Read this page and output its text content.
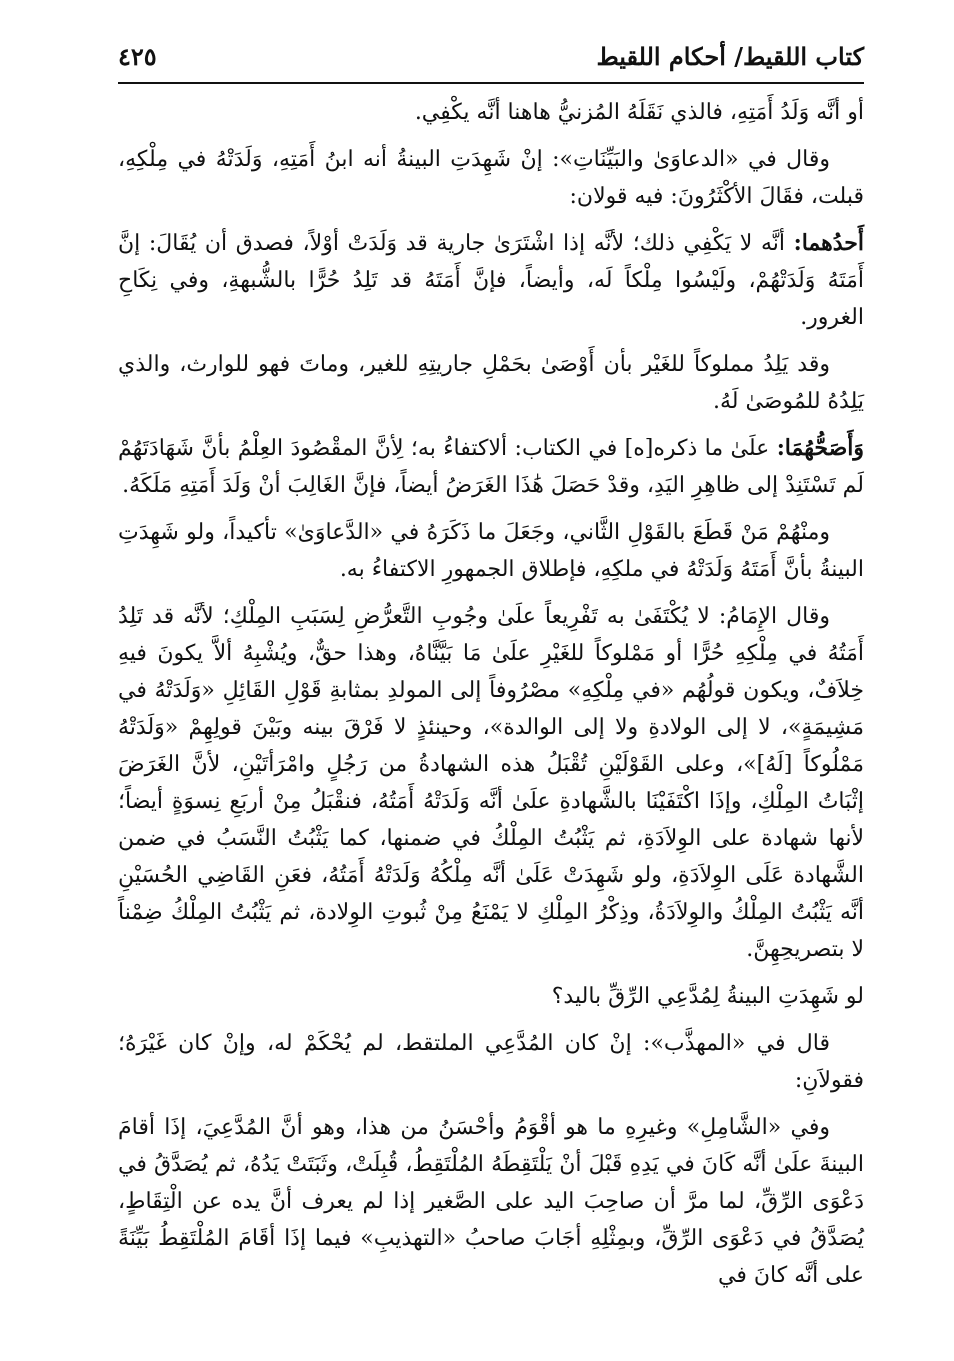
كتاب اللقيط/ أحكام اللقيط
٤٢٥

أو أنَّه وَلَدُ أَمَتِهِ، فالذي نَقَلَهُ المُزنيُّ هاهنا أنَّه يكْفِي.

وقال في «الدعاوَىٰ والبَيِّنَاتِ»: إنْ شَهِدَتِ البينةُ أنه ابنُ أَمَتِهِ، وَلَدَتْهُ في مِلْكِهِ، قبلت، فقَالَ الأكْثَرُونَ: فيه قولان:

أَحدُهما: أنَّه لا يَكْفِي ذلك؛ لأنَّه إذا اشْتَرَىٰ جارية قد وَلَدَتْ أوْلاً، فصدق أن يُقَالَ: إنَّ أَمَتَهُ وَلَدَتْهُمْ، ولَيْسُوا مِلْكاً لَه، وأيضاً، فإنَّ أَمَتَهُ قد تَلِدُ حُرًّا بالشُّبهةِ، وفي نِكَاحِ الغرور.

وقد يَلِدُ مملوكاً للغَيْر بأن أَوْصَىٰ بحَمْلِ جاريتِهِ للغير، وماتَ فهو للوارث، والذي يَلِدُهُ للمُوصَىٰ لَهُ.

وَأَصَحُّهُمَا: علَىٰ ما ذكره[ه] في الكتاب: ألاكتفاءُ به؛ لِأنَّ المقْصُودَ العِلْمُ بأنَّ شَهَادَتَهُمْ لَم تَسْتَنِدْ إلى ظاهِرِ اليَدِ، وقدْ حَصَلَ هَٰذَا الغَرَضُ أيضاً، فإنَّ الغَالِبَ أنْ وَلَدَ أَمَتِهِ مَلَكَهُ.

ومنْهُمْ مَنْ قَطَعَ بالقَوْلِ الثَّاني، وجَعَلَ ما ذَكَرَهُ في «الدَّعاوَىٰ» تأكيداً، ولو شَهِدَتِ البينةُ بأنَّ أَمَتَهُ وَلَدَتْهُ في ملكِهِ، فإطلاق الجمهورِ الاكتفاءُ به.

وقال الإِمَامُ: لا يُكْتَفَىٰ به تَفْرِيعاً علَىٰ وجُوبِ التَّعرُّضِ لِسَبَبِ المِلْكِ؛ لأنَّه قد تَلِدُ أَمَتُهُ في مِلْكِهِ حُرًّا أو مَمْلوكاً للغَيْرِ علَىٰ مَا بَيَّنَّاهُ، وهذا حقٌّ، ويُشْبِهُ ألاَّ يكونَ فيهِ خِلاَفٌ، ويكون قولُهُم «في مِلْكِهِ» مصْرُوفاً إلى المولدِ بمثابةِ قَوْلِ القَائِلِ «وَلَدَتْهُ في مَشِيمَةٍ»، لا إلى الولادةِ ولا إلى الوالدة»، وحينئذٍ لا فَرْقَ بينه وبَيْنَ قولِهِمْ «وَلَدَتْهُ مَمْلُوكاً [لَهُ]»، وعلى القَوْلَيْنِ تُقْبَلُ هذه الشهادةُ من رَجُلٍ وامْرَأتَيْنِ، لأنَّ الغَرَضَ إثْبَاتُ المِلْكِ، وإذَا اكْتَفَيْنَا بالشَّهادةِ علَىٰ أنَّه وَلَدَتْهُ أَمَتُهُ، فنقْبَلُ مِنْ أربَعِ نِسوَةٍ أيضاً؛ لأنها شهادة على الوِلاَدَةِ، ثم يَثْبُتُ المِلْكُ في ضمنها، كما يَثْبُتُ النَّسَبُ في ضمن الشَّهادة عَلَى الوِلاَدَةِ، ولو شَهِدَتْ عَلَىٰ أنَّه مِلْكُهُ وَلَدَتْهُ أَمَتُهُ، فعَنِ القَاضِي الحُسَيْنِ أنَّه يَثْبُتُ المِلْكُ والوِلاَدَةُ، وذِكْرُ المِلْكِ لا يَمْنَعُ مِنْ ثُبوتِ الوِلادة، ثم يَثْبُتُ المِلْكُ ضِمْناً لا بتصريحِهِنَّ.

لو شَهِدَتِ البينةُ لِمُدَّعِي الرِّقِّ باليد؟

قال في «المهذَّب»: إنْ كان المُدَّعِي الملتقط، لم يُحْكَمْ له، وإنْ كان غَيْرَهُ؛ فقولاَنِ:

وفي «الشَّامِلِ» وغيرِهِ ما هو أقْوَمُ وأحْسَنُ من هذا، وهو أنَّ المُدَّعِيَ، إذَا أقامَ البينةَ علَىٰ أنَّه كَانَ في يَدِهِ قَبْلَ أنْ يَلْتَقِطَهُ المُلْتَقِطُ، قُبِلَتْ، وثَبَتَتْ يَدُهُ، ثم يُصَدَّقُ في دَعْوَى الرِّقِّ، لما مرَّ أن صاحِبَ اليد على الصَّغير إذا لم يعرف أنَّ يده عن الْتِقَاطٍ، يُصَدَّقُ في دَعْوَى الرِّقِّ، وبمِثْلِهِ أجَابَ صاحبُ «التهذيبِ» فيما إذَا أقَامَ المُلْتَقِطُ بَيِّنَةً على أنَّه كانَ في
